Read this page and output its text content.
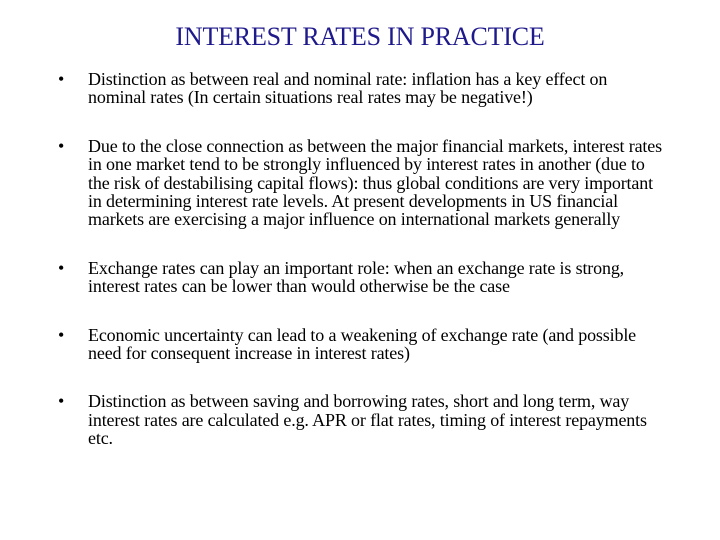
INTEREST RATES IN PRACTICE
• Distinction as between real and nominal rate: inflation has a key effect on nominal rates (In certain situations real rates may be negative!)
• Due to the close connection as between the major financial markets, interest rates in one market tend to be strongly influenced by interest rates in another (due to the risk of destabilising capital flows): thus global conditions are very important in determining interest rate levels. At present developments in US financial markets are exercising a major influence on international markets generally
• Exchange rates can play an important role: when an exchange rate is strong, interest rates can be lower than would otherwise be the case
• Economic uncertainty can lead to a weakening of exchange rate (and possible need for consequent increase in interest rates)
• Distinction as between saving and borrowing rates, short and long term, way interest rates are calculated e.g. APR or flat rates, timing of interest repayments etc.
